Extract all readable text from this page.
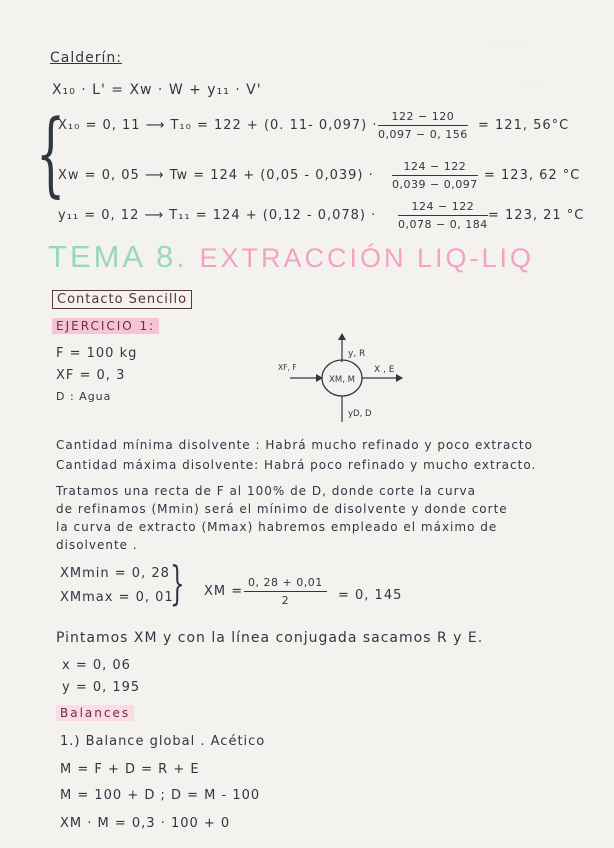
· · · · ·
· · · ·
Calderín:
X₁₀ · L' = Xw · W + y₁₁ · V'
{
X₁₀ = 0, 11 ⟶ T₁₀ = 122 + (0. 11- $0,097) \cdot \frac{122 - 120}{0,097 - 0, 156} = 121$, 56°C
Xw = 0, 05 ⟶ $Tw = 124 + (0,05 - 0,039) \cdot \frac{124 - 122}{0,039 - 0,097} = 123$, 62 °C
y₁₁ = 0, 12 ⟶ $T_{11} = 124 + (0,12 - 0,078) \cdot \frac{124 - 122}{0,078 - 0, 184} = 123$, 21 °C
TEMA 8. EXTRACCIÓN LIQ-LIQ
Contacto Sencillo
EJERCICIO 1:
F = 100 kg
XF = 0, 3
D : Agua
XM, M
y, R
XF, F	X , E
yD, D
Cantidad mínima disolvente : Habrá mucho refinado y poco extracto
Cantidad máxima disolvente: Habrá poco refinado y mucho extracto.
Tratamos una recta de F al 100% de D, donde corte la curva
de refinamos (Mmin) será el mínimo de disolvente y donde corte
la curva de extracto (Mmax) habremos empleado el máximo de
disolvente .
XMmin = 0, 28
XMmax = 0, 01
} XM = $\frac{0, 28 + 0,01}{2} = 0$, 145
Pintamos XM y con la línea conjugada sacamos R y E.
x = 0, 06
y = 0, 195
Balances
1.) Balance global . Acético
M = F + D = R + E
M = 100 + D ; D = M - 100
XM · M = 0,3 · 100 + 0
